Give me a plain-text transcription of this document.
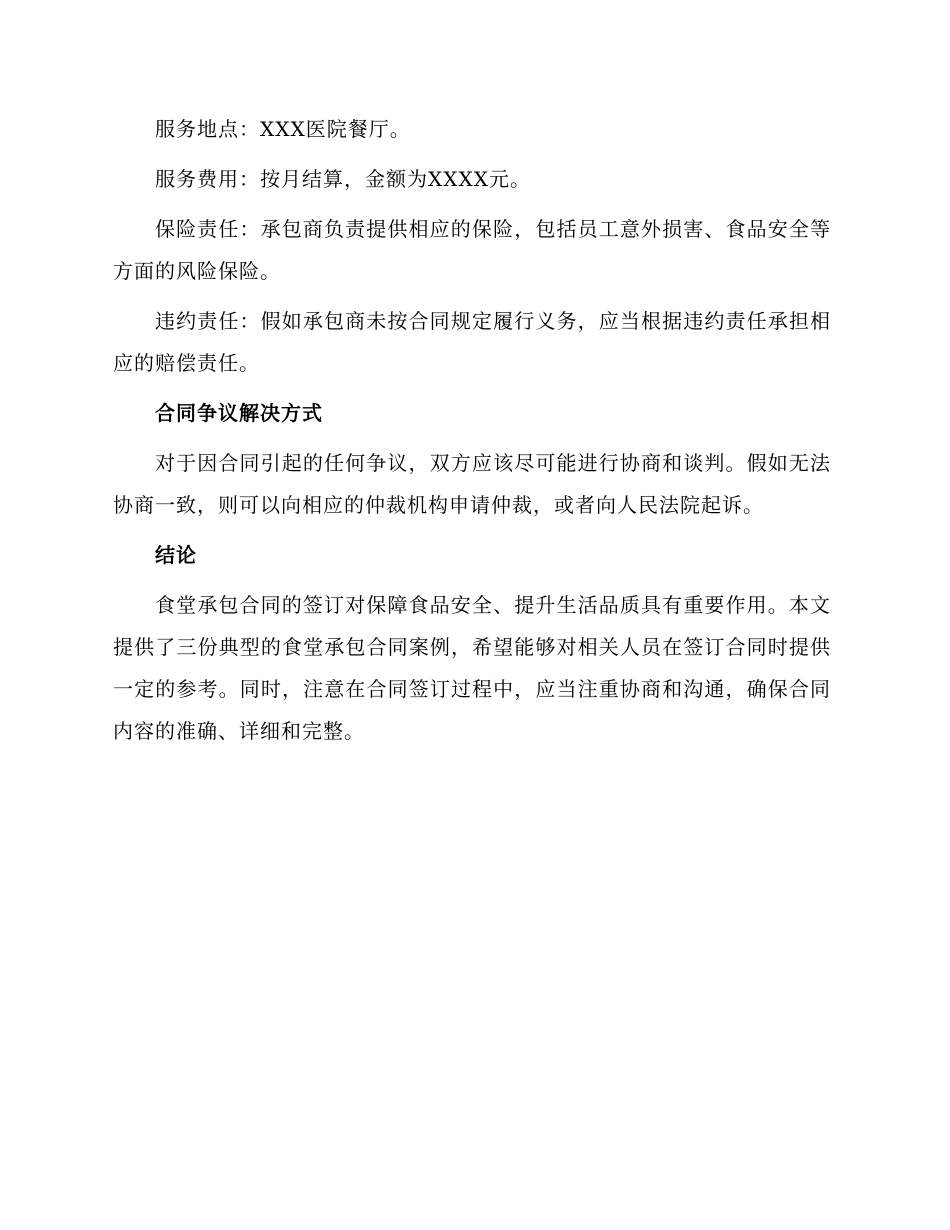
服务地点：XXX医院餐厅。

服务费用：按月结算，金额为XXXX元。

保险责任：承包商负责提供相应的保险，包括员工意外损害、食品安全等方面的风险保险。

违约责任：假如承包商未按合同规定履行义务，应当根据违约责任承担相应的赔偿责任。

合同争议解决方式

对于因合同引起的任何争议，双方应该尽可能进行协商和谈判。假如无法协商一致，则可以向相应的仲裁机构申请仲裁，或者向人民法院起诉。

结论

食堂承包合同的签订对保障食品安全、提升生活品质具有重要作用。本文提供了三份典型的食堂承包合同案例，希望能够对相关人员在签订合同时提供一定的参考。同时，注意在合同签订过程中，应当注重协商和沟通，确保合同内容的准确、详细和完整。
